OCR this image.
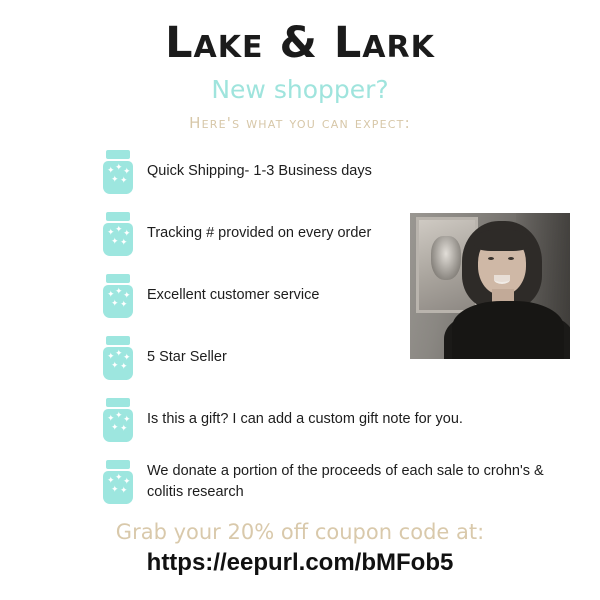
Lake & Lark

New shopper?

Here's what you can expect:

✦ ✦ ✦
✦ ✦
Quick Shipping- 1-3 Business days
✦ ✦ ✦
✦ ✦
Tracking # provided on every order
✦ ✦ ✦
✦ ✦
Excellent customer service
✦ ✦ ✦
✦ ✦
5 Star Seller
✦ ✦ ✦
✦ ✦
Is this a gift? I can add a custom gift note for you.
✦ ✦ ✦
✦ ✦
We donate a portion of the proceeds of each sale to crohn's & colitis research
Grab your 20% off coupon code at:
https://eepurl.com/bMFob5
